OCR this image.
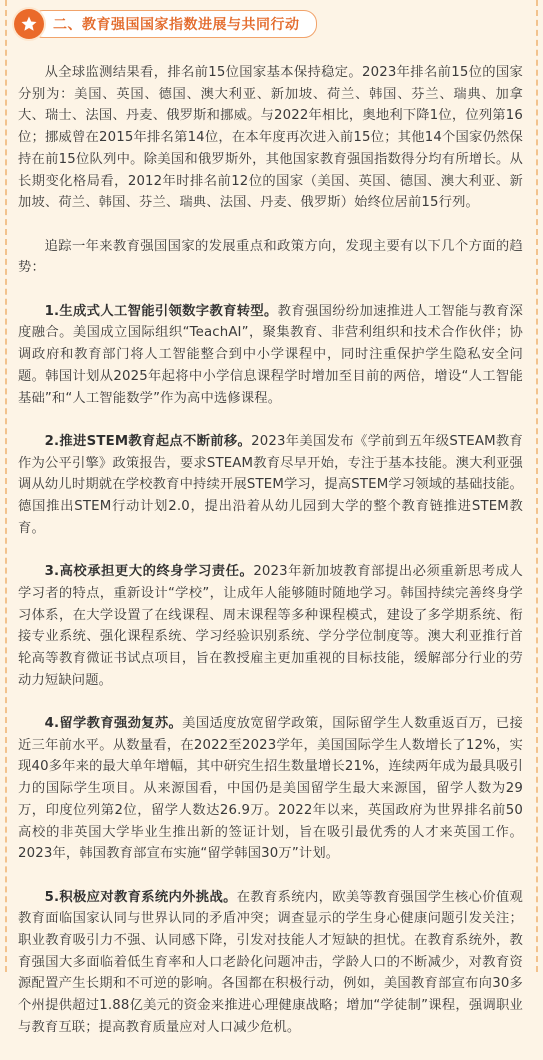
二、教育强国国家指数进展与共同行动

从全球监测结果看，排名前15位国家基本保持稳定。2023年排名前15位的国家分别为：美国、英国、德国、澳大利亚、新加坡、荷兰、韩国、芬兰、瑞典、加拿大、瑞士、法国、丹麦、俄罗斯和挪威。与2022年相比，奥地利下降1位，位列第16位；挪威曾在2015年排名第14位，在本年度再次进入前15位；其他14个国家仍然保持在前15位队列中。除美国和俄罗斯外，其他国家教育强国指数得分均有所增长。从长期变化格局看，2012年时排名前12位的国家（美国、英国、德国、澳大利亚、新加坡、荷兰、韩国、芬兰、瑞典、法国、丹麦、俄罗斯）始终位居前15行列。

追踪一年来教育强国国家的发展重点和政策方向，发现主要有以下几个方面的趋势：

1.生成式人工智能引领数字教育转型。教育强国纷纷加速推进人工智能与教育深度融合。美国成立国际组织“TeachAI”，聚集教育、非营利组织和技术合作伙伴；协调政府和教育部门将人工智能整合到中小学课程中，同时注重保护学生隐私安全问题。韩国计划从2025年起将中小学信息课程学时增加至目前的两倍，增设“人工智能基础”和“人工智能数学”作为高中选修课程。

2.推进STEM教育起点不断前移。2023年美国发布《学前到五年级STEAM教育作为公平引擎》政策报告，要求STEAM教育尽早开始，专注于基本技能。澳大利亚强调从幼儿时期就在学校教育中持续开展STEM学习，提高STEM学习领域的基础技能。德国推出STEM行动计划2.0，提出沿着从幼儿园到大学的整个教育链推进STEM教育。

3.高校承担更大的终身学习责任。2023年新加坡教育部提出必须重新思考成人学习者的特点，重新设计“学校”，让成年人能够随时随地学习。韩国持续完善终身学习体系，在大学设置了在线课程、周末课程等多种课程模式，建设了多学期系统、衔接专业系统、强化课程系统、学习经验识别系统、学分学位制度等。澳大利亚推行首轮高等教育微证书试点项目，旨在教授雇主更加重视的目标技能，缓解部分行业的劳动力短缺问题。

4.留学教育强劲复苏。美国适度放宽留学政策，国际留学生人数重返百万，已接近三年前水平。从数量看，在2022至2023学年，美国国际学生人数增长了12%，实现40多年来的最大单年增幅，其中研究生招生数量增长21%，连续两年成为最具吸引力的国际学生项目。从来源国看，中国仍是美国留学生最大来源国，留学人数为29万，印度位列第2位，留学人数达26.9万。2022年以来，英国政府为世界排名前50高校的非英国大学毕业生推出新的签证计划，旨在吸引最优秀的人才来英国工作。2023年，韩国教育部宣布实施“留学韩国30万”计划。

5.积极应对教育系统内外挑战。在教育系统内，欧美等教育强国学生核心价值观教育面临国家认同与世界认同的矛盾冲突；调查显示的学生身心健康问题引发关注；职业教育吸引力不强、认同感下降，引发对技能人才短缺的担忧。在教育系统外，教育强国大多面临着低生育率和人口老龄化问题冲击，学龄人口的不断减少，对教育资源配置产生长期和不可逆的影响。各国都在积极行动，例如，美国教育部宣布向30多个州提供超过1.88亿美元的资金来推进心理健康战略；增加“学徒制”课程，强调职业与教育互联；提高教育质量应对人口减少危机。
